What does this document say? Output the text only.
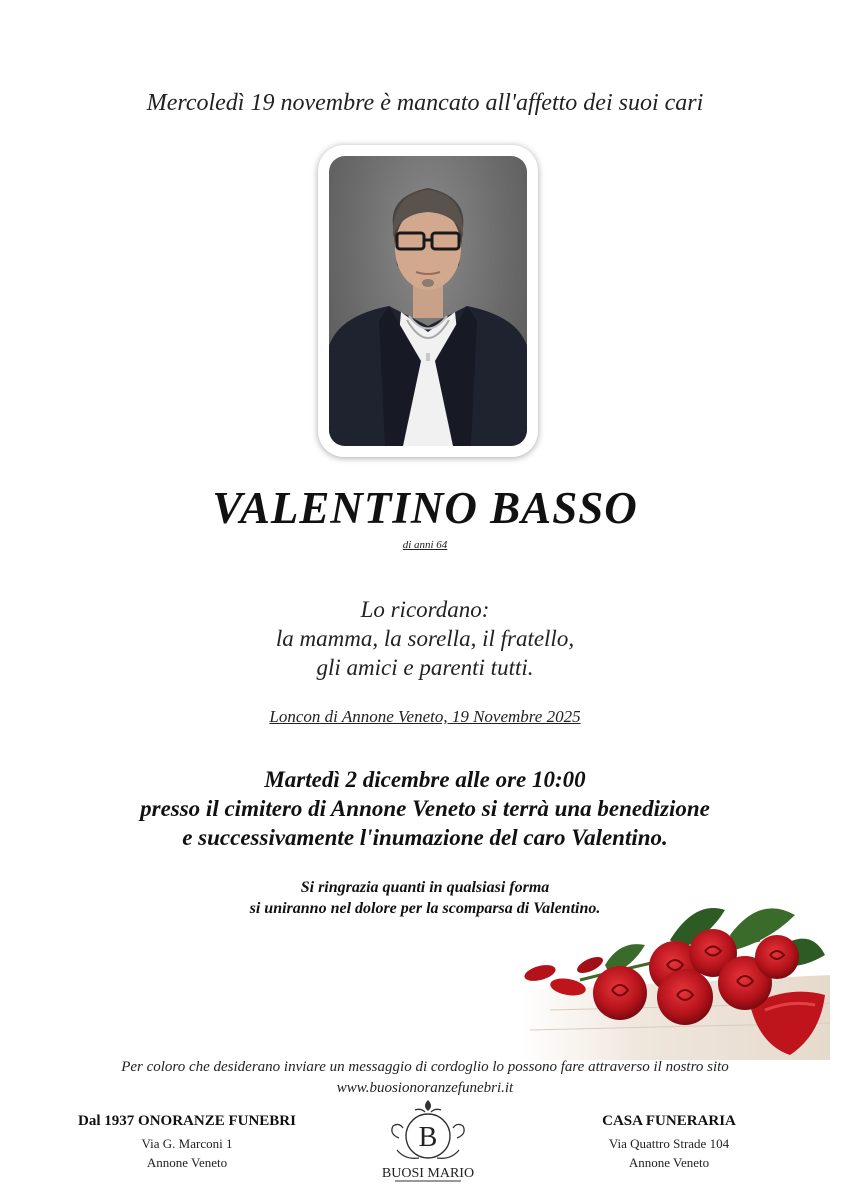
Mercoledì 19 novembre è mancato all'affetto dei suoi cari
VALENTINO BASSO
di anni 64
Lo ricordano:
la mamma, la sorella, il fratello,
gli amici e parenti tutti.
Loncon di Annone Veneto, 19 Novembre 2025
Martedì 2 dicembre alle ore 10:00
presso il cimitero di Annone Veneto si terrà una benedizione
e successivamente l'inumazione del caro Valentino.
Si ringrazia quanti in qualsiasi forma
si uniranno nel dolore per la scomparsa di Valentino.
Per coloro che desiderano inviare un messaggio di cordoglio lo possono fare attraverso il nostro sito
www.buosionoranzefunebri.it
Dal 1937 ONORANZE FUNEBRI
Via G. Marconi 1
Annone Veneto
B
BUOSI MARIO
CASA FUNERARIA
Via Quattro Strade 104
Annone Veneto
